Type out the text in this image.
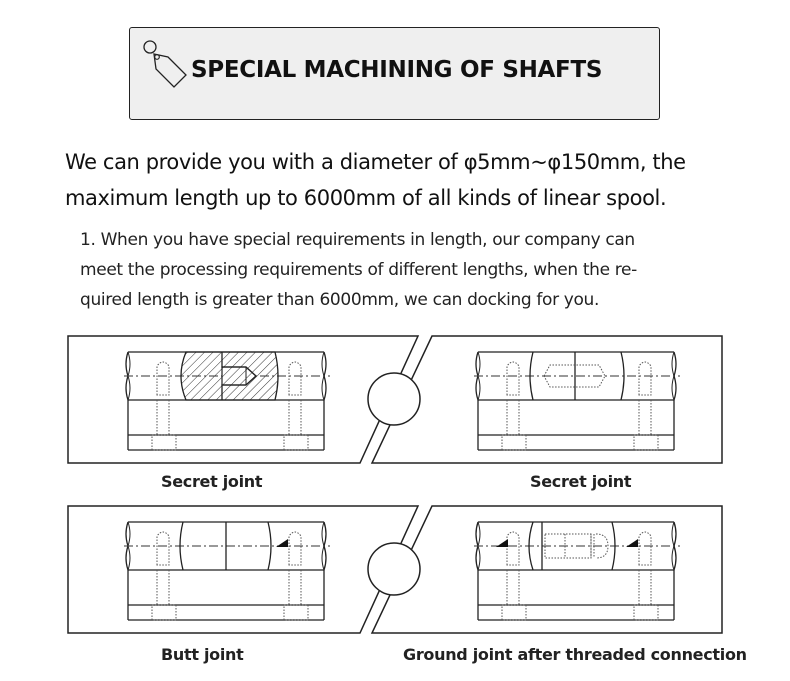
SPECIAL MACHINING OF SHAFTS
We can provide you with a diameter of φ5mm~φ150mm, the
maximum length up to 6000mm of all kinds of linear spool.
1. When you have special requirements in length, our company can
meet the processing requirements of different lengths, when the re-
quired length is greater than 6000mm, we can docking for you.
Secret joint	Secret joint
Butt joint	Ground joint after threaded connection
